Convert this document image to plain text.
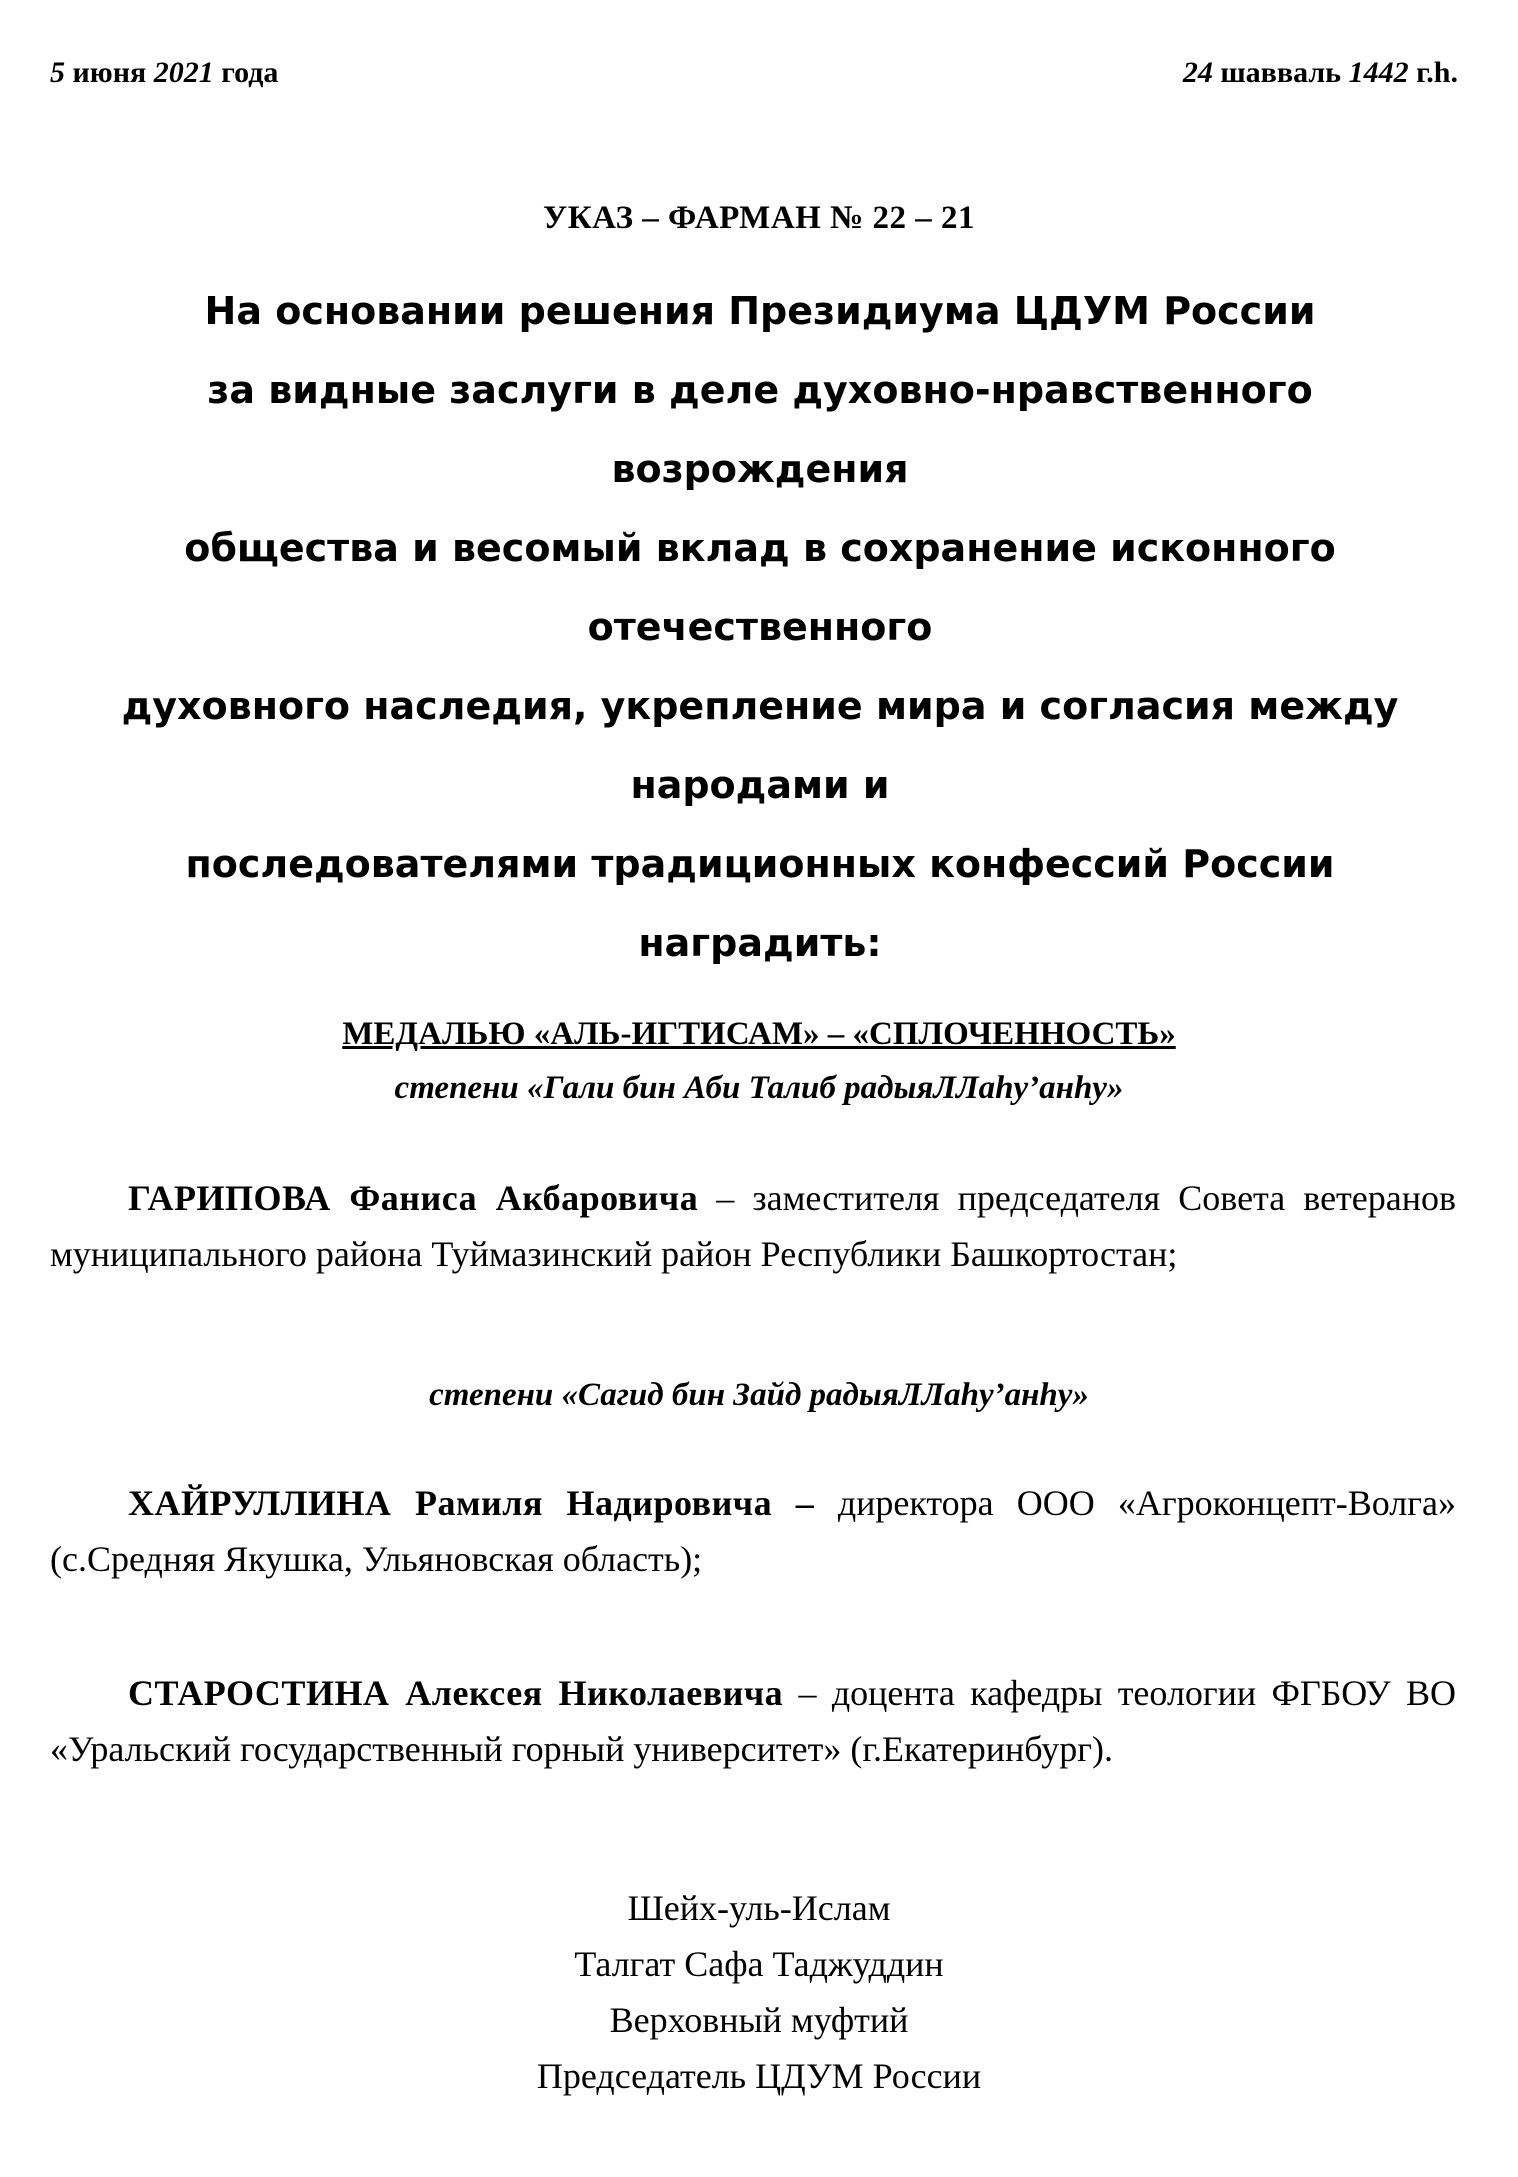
5 июня 2021 года	24 шавваль 1442 г.һ.
УКАЗ – ФАРМАН № 22 – 21
На основании решения Президиума ЦДУМ России
за видные заслуги в деле духовно-нравственного
возрождения
общества и весомый вклад в сохранение исконного
отечественного
духовного наследия, укрепление мира и согласия между
народами и
последователями традиционных конфессий России
наградить:
МЕДАЛЬЮ «АЛЬ-ИГТИСАМ» – «СПЛОЧЕННОСТЬ»
степени «Гали бин Аби Талиб радыяЛЛаһу’анһу»
ГАРИПОВА Фаниса Акбаровича – заместителя председателя Совета ветеранов муниципального района Туймазинский район Республики Башкортостан;
степени «Сагид бин Зайд радыяЛЛаһу’анһу»
ХАЙРУЛЛИНА Рамиля Надировича – директора ООО «Агроконцепт-Волга» (с.Средняя Якушка, Ульяновская область);
СТАРОСТИНА Алексея Николаевича – доцента кафедры теологии ФГБОУ ВО «Уральский государственный горный университет» (г.Екатеринбург).
Шейх-уль-Ислам
Талгат Сафа Таджуддин
Верховный муфтий
Председатель ЦДУМ России
